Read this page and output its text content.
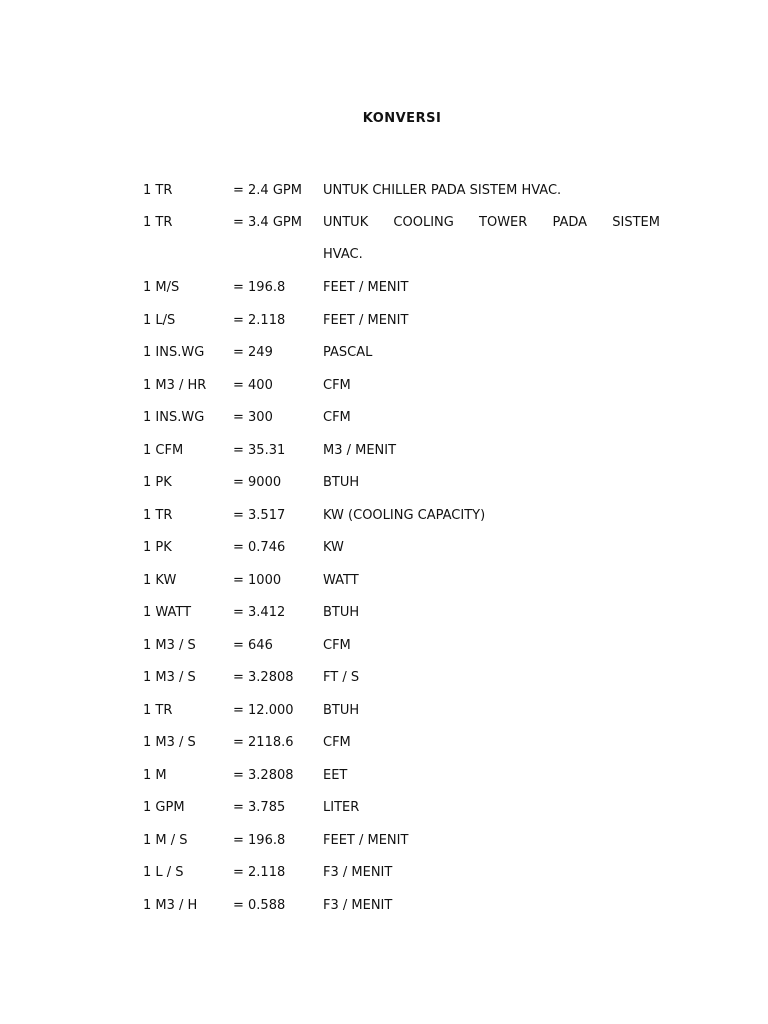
KONVERSI
1 TR	= 2.4 GPM	UNTUK CHILLER PADA SISTEM HVAC.
1 TR	= 3.4 GPM	UNTUK COOLING TOWER PADA SISTEM
HVAC.
1 M/S	= 196.8	FEET / MENIT
1 L/S	= 2.118	FEET / MENIT
1 INS.WG	= 249	PASCAL
1 M3 / HR	= 400	CFM
1 INS.WG	= 300	CFM
1 CFM	= 35.31	M3 / MENIT
1 PK	= 9000	BTUH
1 TR	= 3.517	KW (COOLING CAPACITY)
1 PK	= 0.746	KW
1 KW	= 1000	WATT
1 WATT	= 3.412	BTUH
1 M3 / S	= 646	CFM
1 M3 / S	= 3.2808	FT / S
1 TR	= 12.000	BTUH
1 M3 / S	= 2118.6	CFM
1 M	= 3.2808	EET
1 GPM	= 3.785	LITER
1 M / S	= 196.8	FEET / MENIT
1 L / S	= 2.118	F3 / MENIT
1 M3 / H	= 0.588	F3 / MENIT
